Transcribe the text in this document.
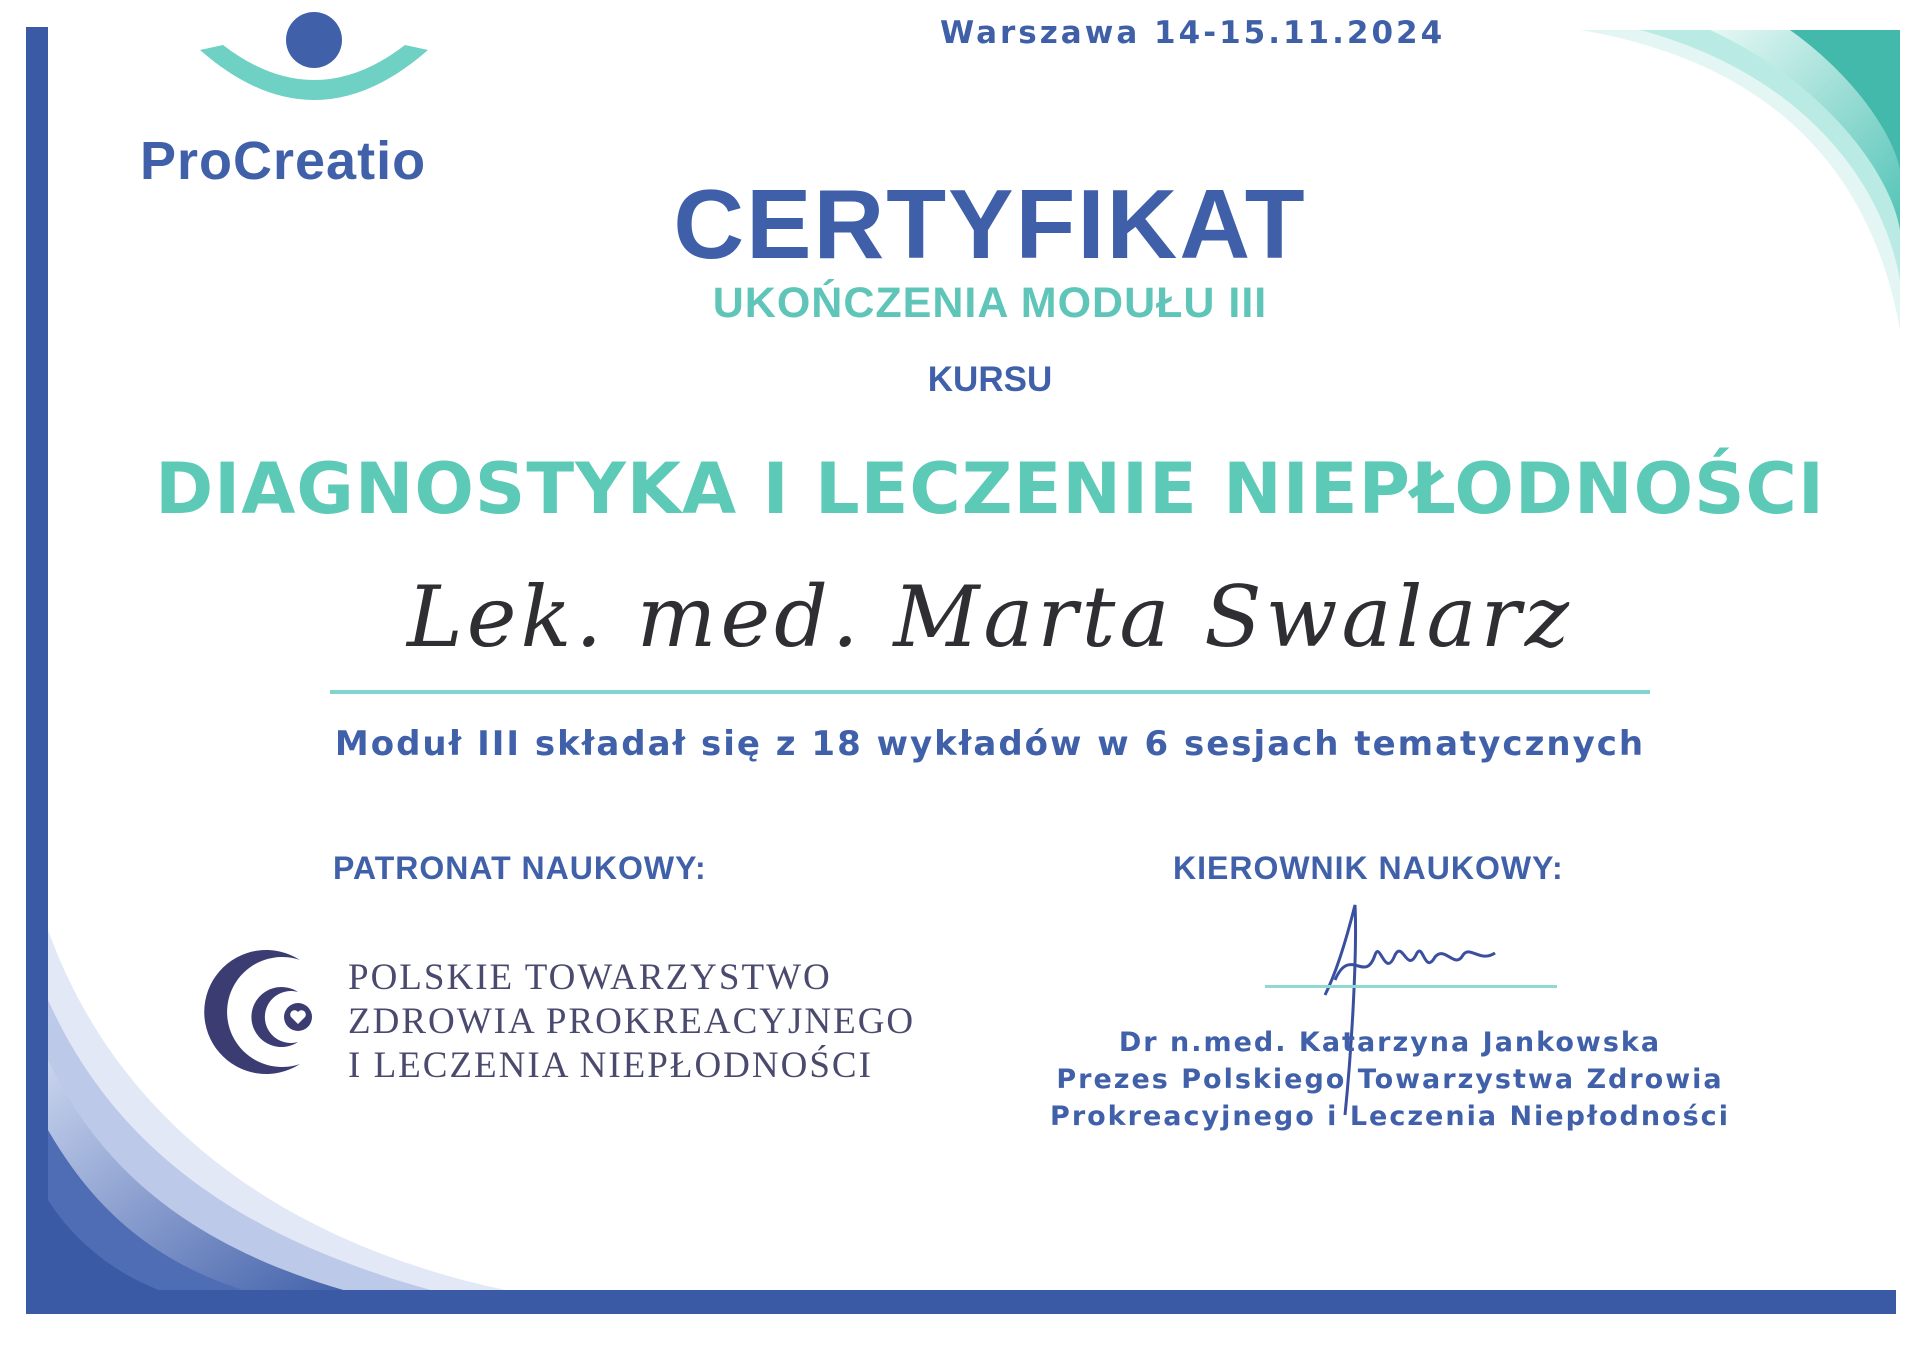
Warszawa 14-15.11.2024
ProCreatio
CERTYFIKAT
UKOŃCZENIA MODUŁU III
KURSU
DIAGNOSTYKA I LECZENIE NIEPŁODNOŚCI
Lek. med. Marta Swalarz
Moduł III składał się z 18 wykładów w 6 sesjach tematycznych
PATRONAT NAUKOWY:	KIEROWNIK NAUKOWY:
POLSKIE TOWARZYSTWO
ZDROWIA PROKREACYJNEGO
I LECZENIA NIEPŁODNOŚCI
Dr n.med. Katarzyna Jankowska
Prezes Polskiego Towarzystwa Zdrowia
Prokreacyjnego i Leczenia Niepłodności
